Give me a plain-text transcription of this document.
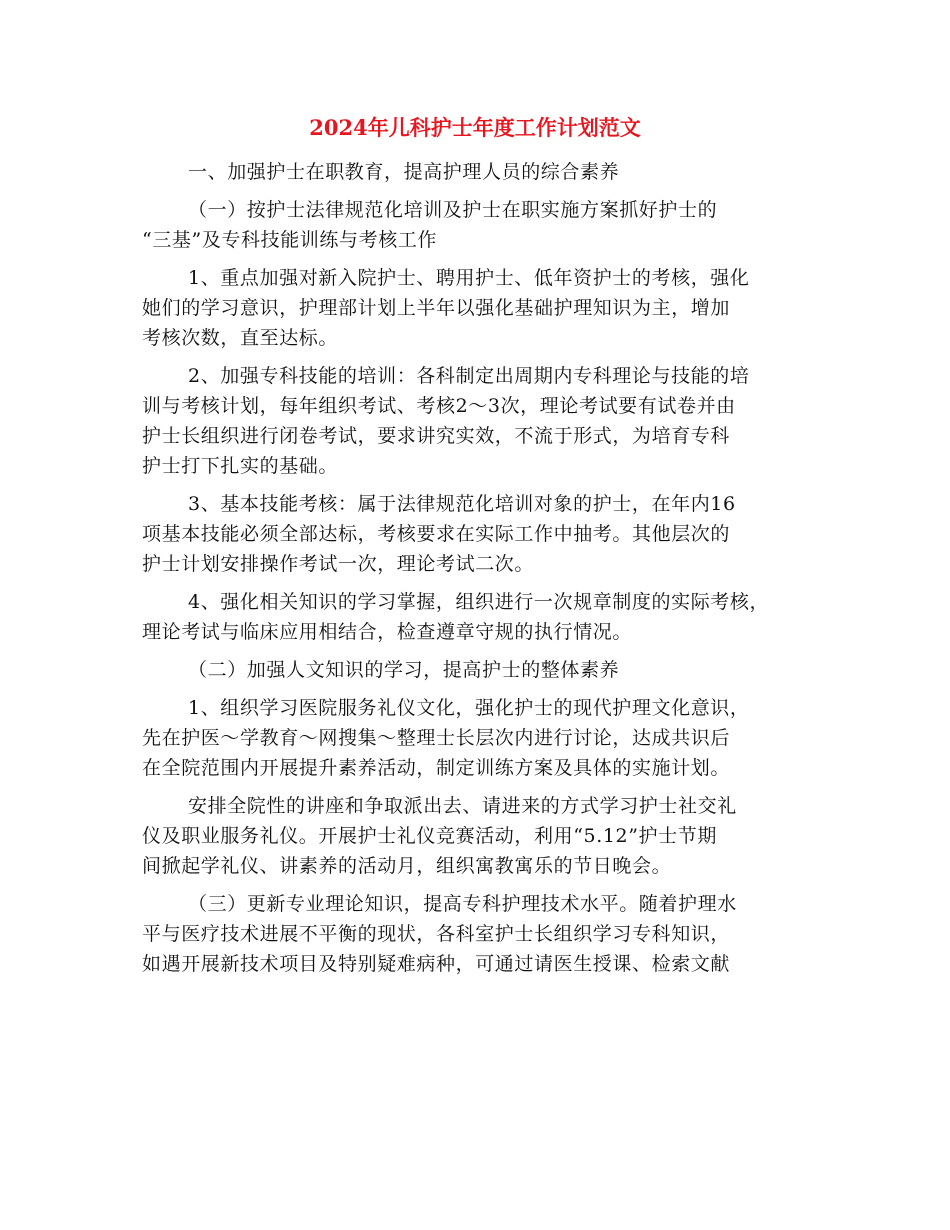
2024年儿科护士年度工作计划范文
一、加强护士在职教育，提高护理人员的综合素养
（一）按护士法律规范化培训及护士在职实施方案抓好护士的
“三基”及专科技能训练与考核工作
1、重点加强对新入院护士、聘用护士、低年资护士的考核，强化
她们的学习意识，护理部计划上半年以强化基础护理知识为主，增加
考核次数，直至达标。
2、加强专科技能的培训：各科制定出周期内专科理论与技能的培
训与考核计划，每年组织考试、考核2～3次，理论考试要有试卷并由
护士长组织进行闭卷考试，要求讲究实效，不流于形式，为培育专科
护士打下扎实的基础。
3、基本技能考核：属于法律规范化培训对象的护士，在年内16
项基本技能必须全部达标，考核要求在实际工作中抽考。其他层次的
护士计划安排操作考试一次，理论考试二次。
4、强化相关知识的学习掌握，组织进行一次规章制度的实际考核，
理论考试与临床应用相结合，检查遵章守规的执行情况。
（二）加强人文知识的学习，提高护士的整体素养
1、组织学习医院服务礼仪文化，强化护士的现代护理文化意识，
先在护医～学教育～网搜集～整理士长层次内进行讨论，达成共识后
在全院范围内开展提升素养活动，制定训练方案及具体的实施计划。
安排全院性的讲座和争取派出去、请进来的方式学习护士社交礼
仪及职业服务礼仪。开展护士礼仪竞赛活动，利用“5.12”护士节期
间掀起学礼仪、讲素养的活动月，组织寓教寓乐的节日晚会。
（三）更新专业理论知识，提高专科护理技术水平。随着护理水
平与医疗技术进展不平衡的现状，各科室护士长组织学习专科知识，
如遇开展新技术项目及特别疑难病种，可通过请医生授课、检索文献
